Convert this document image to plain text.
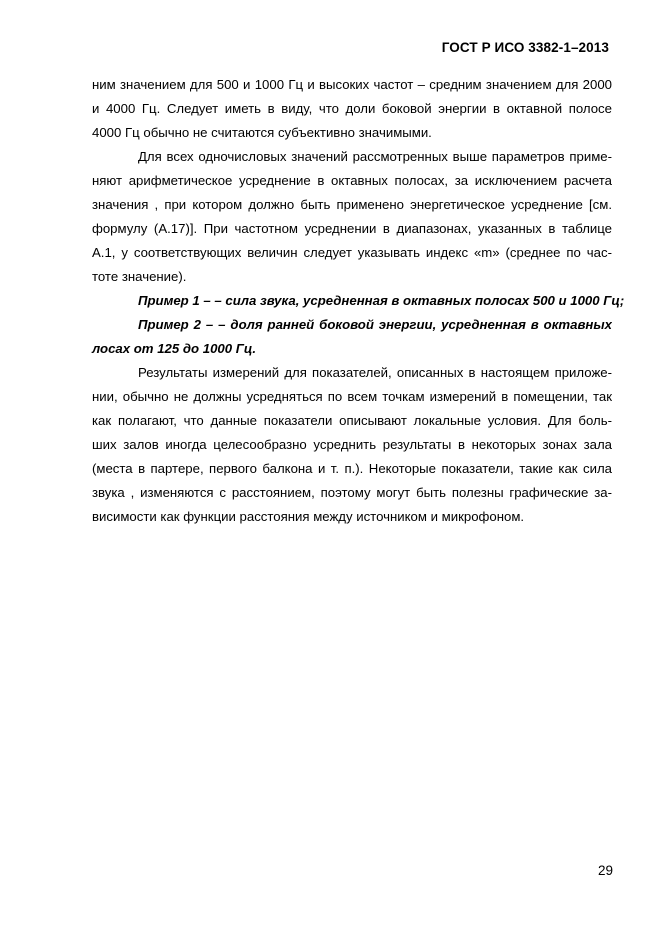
ГОСТ Р ИСО 3382-1–2013
ним значением для 500 и 1000 Гц и высоких частот – средним значением для 2000
и 4000 Гц. Следует иметь в виду, что доли боковой энергии в октавной полосе
4000 Гц обычно не считаются субъективно значимыми.
Для всех одночисловых значений рассмотренных выше параметров приме-
няют арифметическое усреднение в октавных полосах, за исключением расчета
значения , при котором должно быть применено энергетическое усреднение [см.
формулу (А.17)]. При частотном усреднении в диапазонах, указанных в таблице
А.1, у соответствующих величин следует указывать индекс «m» (среднее по час-
тоте значение).
Пример 1 – – сила звука, усредненная в октавных полосах 500 и 1000 Гц;
Пример 2 – – доля ранней боковой энергии, усредненная в октавных
лосах от 125 до 1000 Гц.
Результаты измерений для показателей, описанных в настоящем приложе-
нии, обычно не должны усредняться по всем точкам измерений в помещении, так
как полагают, что данные показатели описывают локальные условия. Для боль-
ших залов иногда целесообразно усреднить результаты в некоторых зонах зала
(места в партере, первого балкона и т. п.). Некоторые показатели, такие как сила
звука , изменяются с расстоянием, поэтому могут быть полезны графические за-
висимости как функции расстояния между источником и микрофоном.
29
